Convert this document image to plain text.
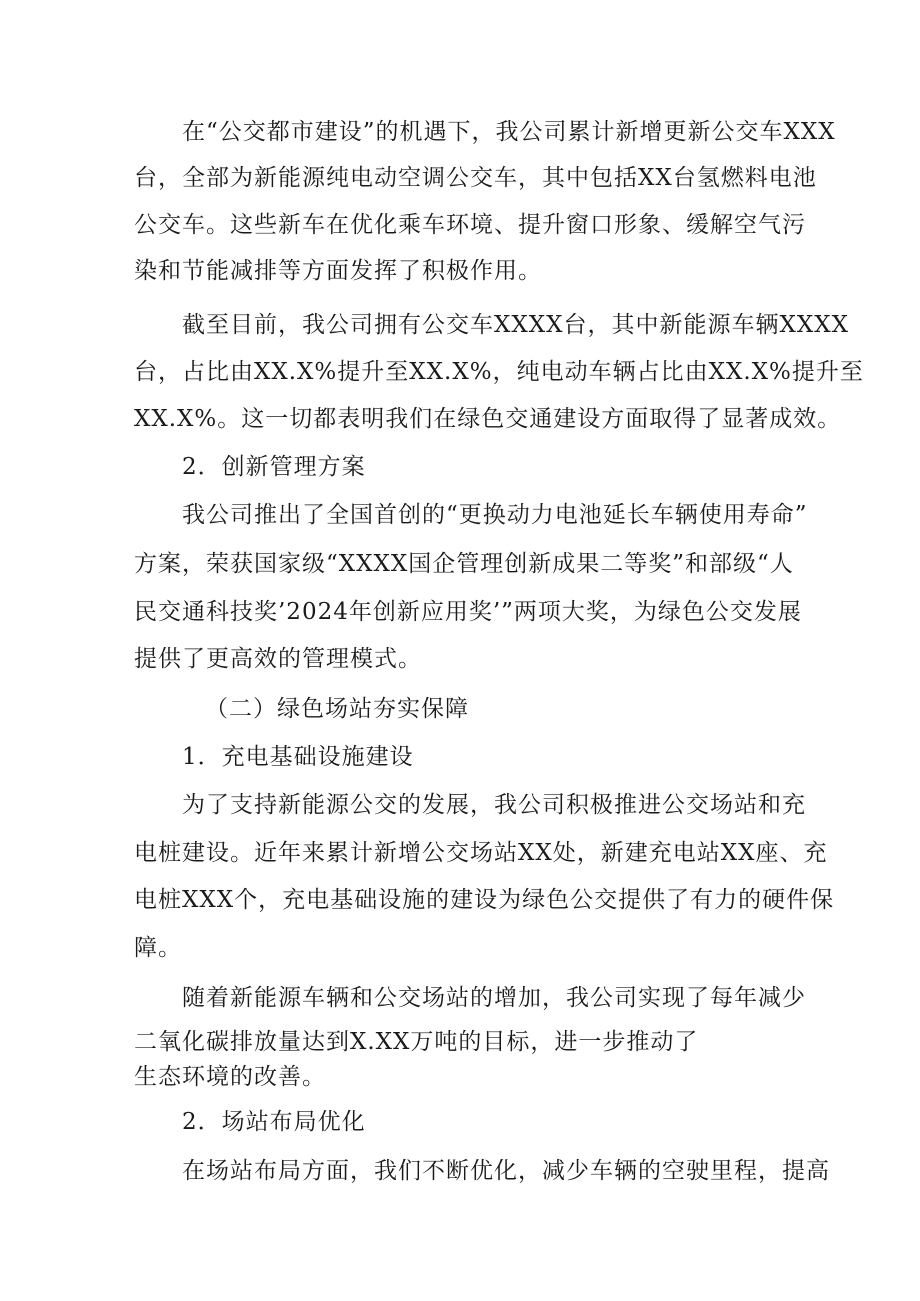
在“公交都市建设”的机遇下，我公司累计新增更新公交车XXX
台，全部为新能源纯电动空调公交车，其中包括XX台氢燃料电池
公交车。这些新车在优化乘车环境、提升窗口形象、缓解空气污
染和节能减排等方面发挥了积极作用。
截至目前，我公司拥有公交车XXXX台，其中新能源车辆XXXX
台，占比由XX.X%提升至XX.X%，纯电动车辆占比由XX.X%提升至
XX.X%。这一切都表明我们在绿色交通建设方面取得了显著成效。
2．创新管理方案
我公司推出了全国首创的“更换动力电池延长车辆使用寿命”
方案，荣获国家级“XXXX国企管理创新成果二等奖”和部级“人
民交通科技奖’2024年创新应用奖’”两项大奖，为绿色公交发展
提供了更高效的管理模式。
（二）绿色场站夯实保障
1．充电基础设施建设
为了支持新能源公交的发展，我公司积极推进公交场站和充
电桩建设。近年来累计新增公交场站XX处，新建充电站XX座、充
电桩XXX个，充电基础设施的建设为绿色公交提供了有力的硬件保
障。
随着新能源车辆和公交场站的增加，我公司实现了每年减少
二氧化碳排放量达到X.XX万吨的目标，进一步推动了
生态环境的改善。
2．场站布局优化
在场站布局方面，我们不断优化，减少车辆的空驶里程，提高
